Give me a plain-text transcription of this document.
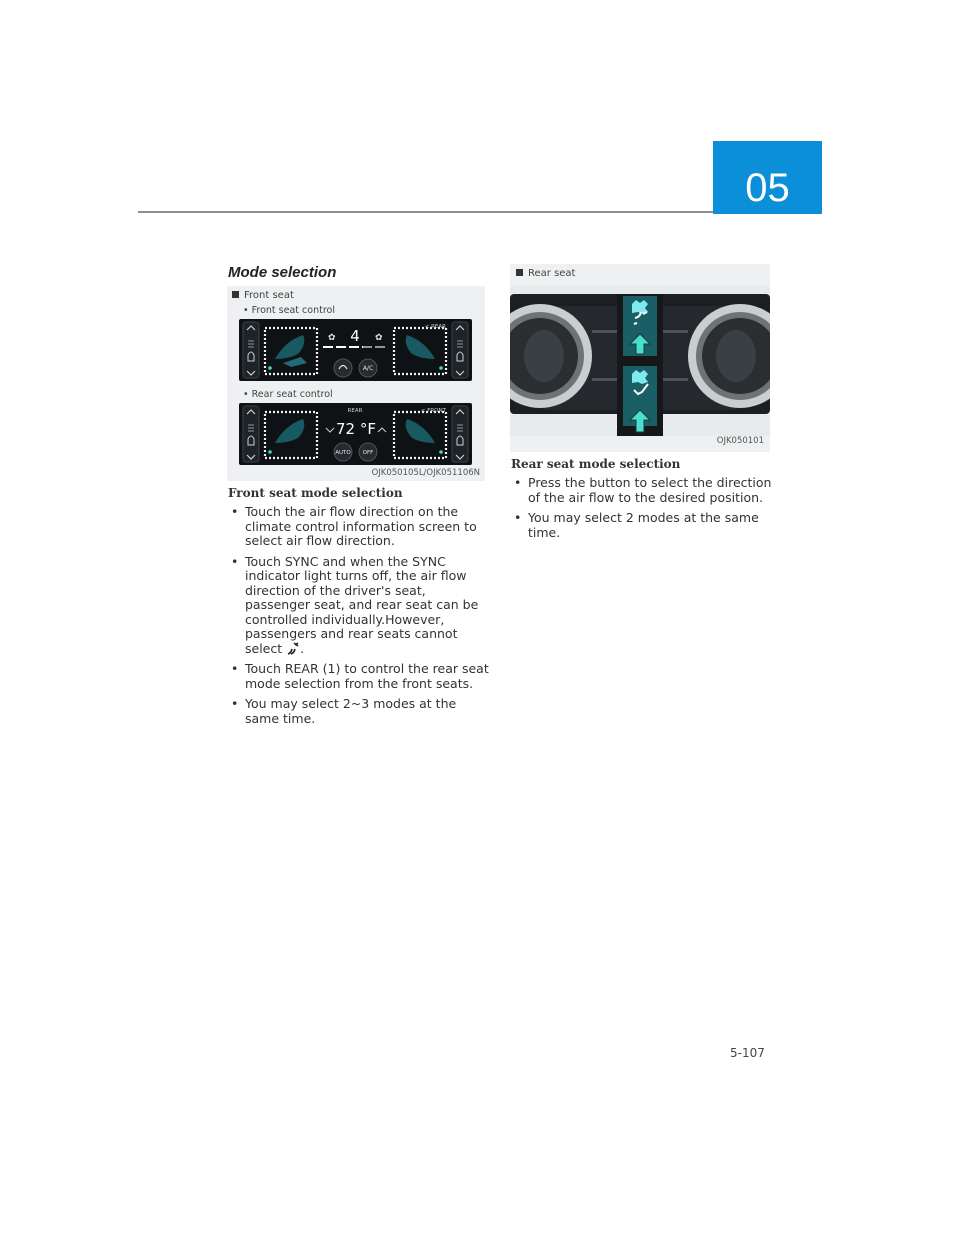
05
Mode selection
Front seat
• Front seat control
✿	✿
4	< REAR
A/C
• Rear seat control
REAR	< FRONT
72 °F
AUTO OFF
OJK050105L/OJK051106N
Front seat mode selection
• Touch the air flow direction on the climate control information screen to select air flow direction.
• Touch SYNC and when the SYNC indicator light turns off, the air flow direction of the driver's seat, passenger seat, and rear seat can be controlled individually.However, passengers and rear seats cannot select .
• Touch REAR (1) to control the rear seat mode selection from the front seats.
• You may select 2~3 modes at the same time.
Rear seat
OJK050101
Rear seat mode selection
• Press the button to select the direction of the air flow to the desired position.
• You may select 2 modes at the same time.
5-107
